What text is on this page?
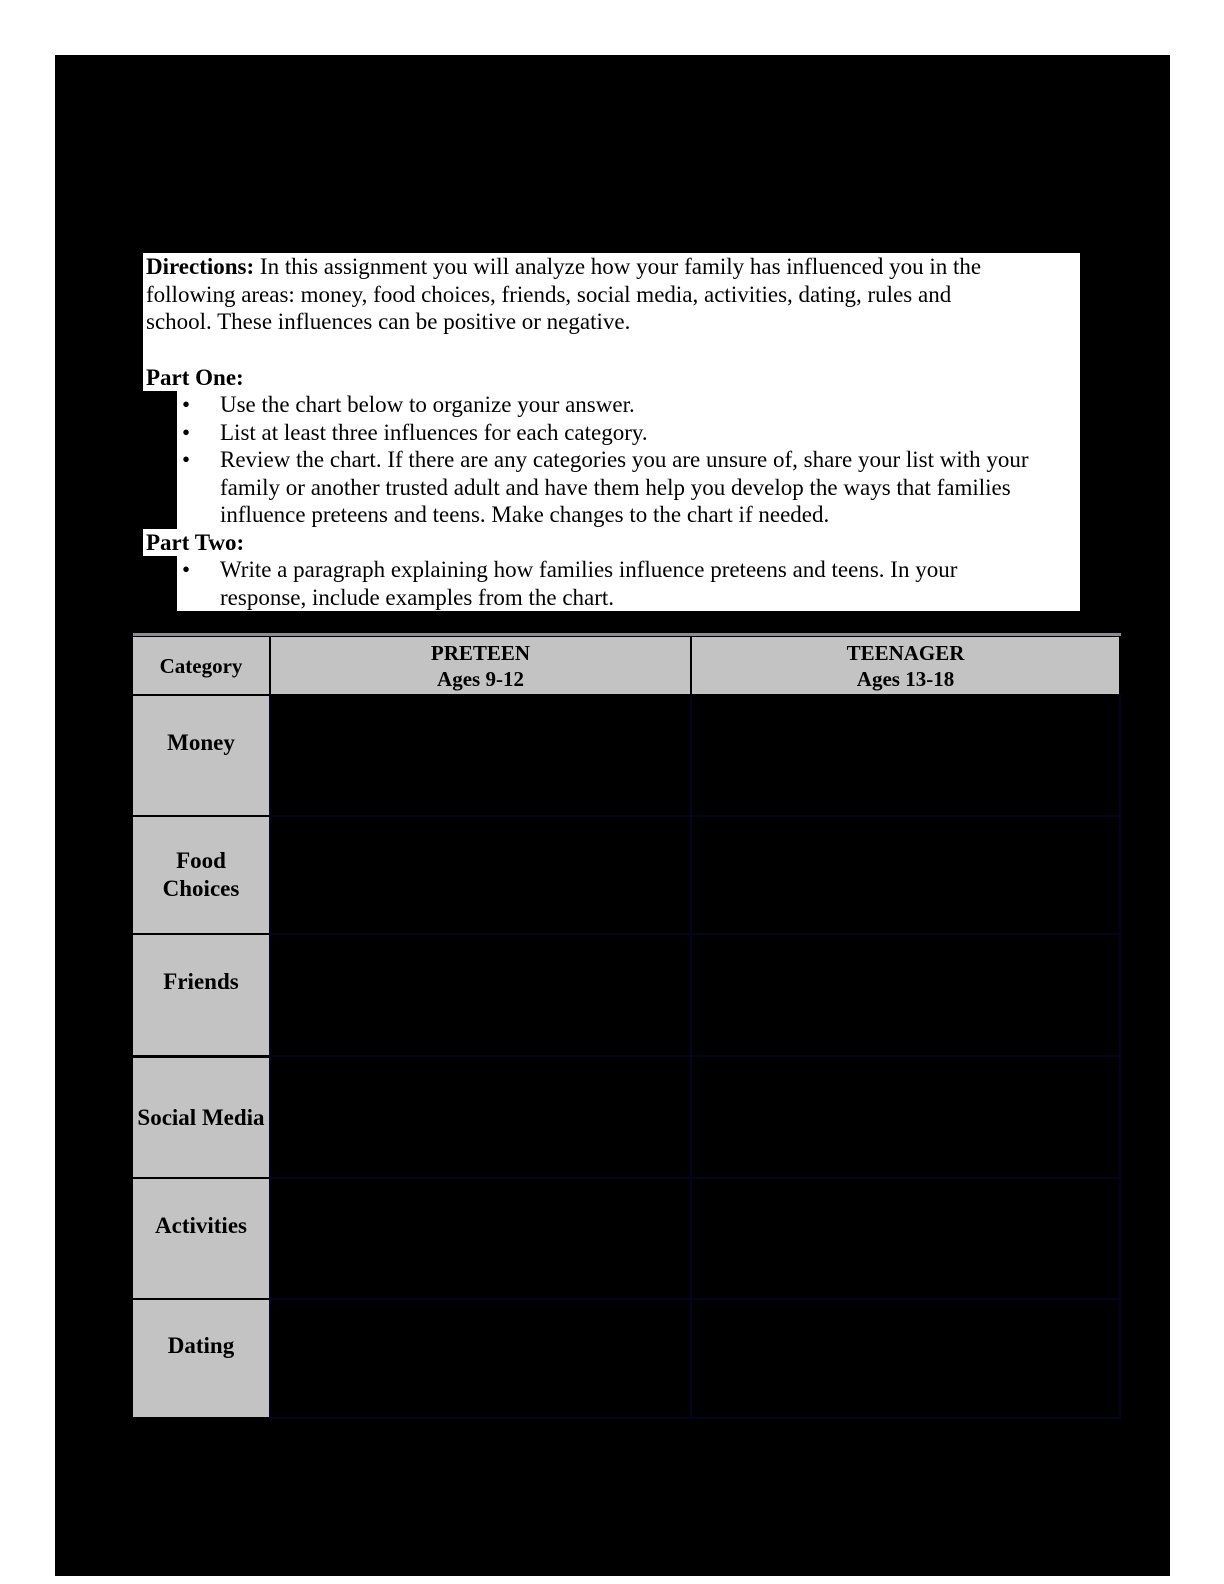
Directions: In this assignment you will analyze how your family has influenced you in the
following areas: money, food choices, friends, social media, activities, dating, rules and
school. These influences can be positive or negative.
Part One:
• Use the chart below to organize your answer.
• List at least three influences for each category.
• Review the chart. If there are any categories you are unsure of, share your list with your
family or another trusted adult and have them help you develop the ways that families
influence preteens and teens. Make changes to the chart if needed.
Part Two:
• Write a paragraph explaining how families influence preteens and teens. In your
response, include examples from the chart.
Category
PRETEEN
Ages 9-12
TEENAGER
Ages 13-18
Money
Food Choices
Friends
Social Media
Activities
Dating
